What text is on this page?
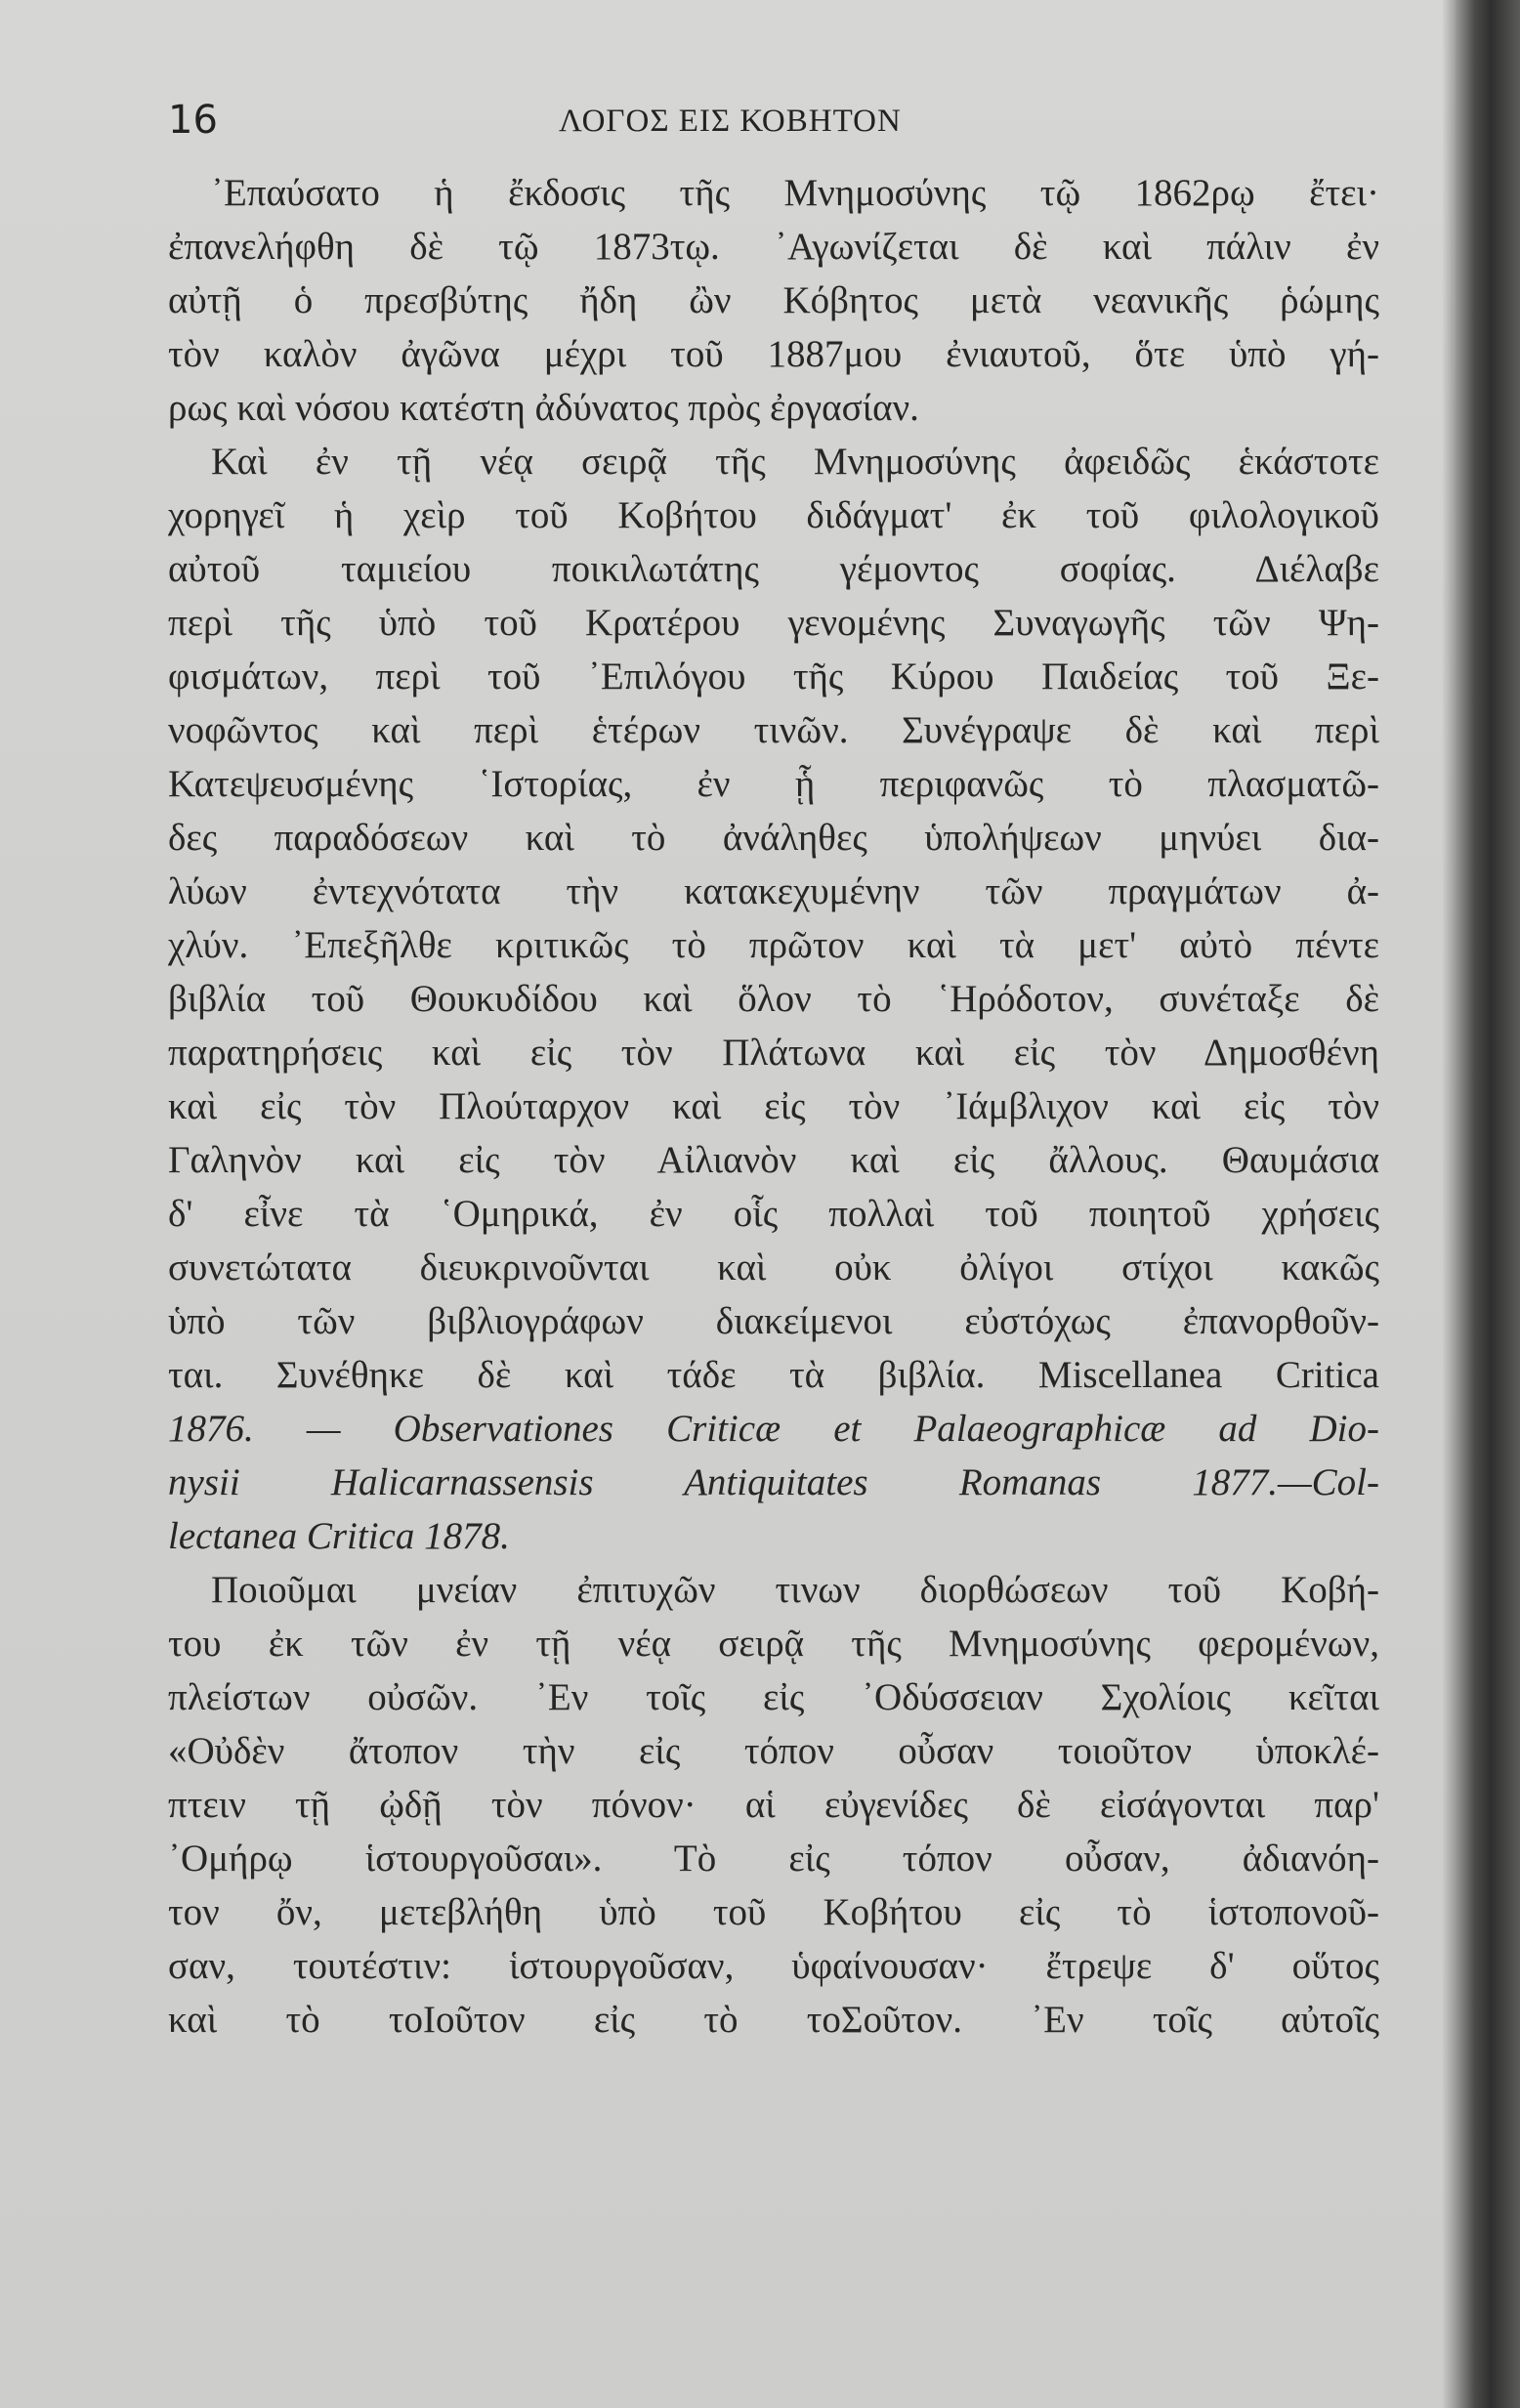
16	ΛΟΓΟΣ ΕΙΣ ΚΟΒΗΤΟΝ
᾿Επαύσατο ἡ ἔκδοσις τῆς Μνημοσύνης τῷ 1862ρῳ ἔτει·
ἐπανελήφθη δὲ τῷ 1873τῳ. ᾿Αγωνίζεται δὲ καὶ πάλιν ἐν
αὐτῇ ὁ πρεσβύτης ἤδη ὢν Κόβητος μετὰ νεανικῆς ῥώμης
τὸν καλὸν ἀγῶνα μέχρι τοῦ 1887μου ἐνιαυτοῦ, ὅτε ὑπὸ γή-
ρως καὶ νόσου κατέστη ἀδύνατος πρὸς ἐργασίαν.
Καὶ ἐν τῇ νέᾳ σειρᾷ τῆς Μνημοσύνης ἀφειδῶς ἑκάστοτε
χορηγεῖ ἡ χεὶρ τοῦ Κοβήτου διδάγματ' ἐκ τοῦ φιλολογικοῦ
αὐτοῦ ταμιείου ποικιλωτάτης γέμοντος σοφίας. Διέλαβε
περὶ τῆς ὑπὸ τοῦ Κρατέρου γενομένης Συναγωγῆς τῶν Ψη-
φισμάτων, περὶ τοῦ ᾿Επιλόγου τῆς Κύρου Παιδείας τοῦ Ξε-
νοφῶντος καὶ περὶ ἑτέρων τινῶν. Συνέγραψε δὲ καὶ περὶ
Κατεψευσμένης ῾Ιστορίας, ἐν ᾗ περιφανῶς τὸ πλασματῶ-
δες παραδόσεων καὶ τὸ ἀνάληθες ὑπολήψεων μηνύει δια-
λύων ἐντεχνότατα τὴν κατακεχυμένην τῶν πραγμάτων ἀ-
χλύν. ᾿Επεξῆλθε κριτικῶς τὸ πρῶτον καὶ τὰ μετ' αὐτὸ πέντε
βιβλία τοῦ Θουκυδίδου καὶ ὅλον τὸ ῾Ηρόδοτον, συνέταξε δὲ
παρατηρήσεις καὶ εἰς τὸν Πλάτωνα καὶ εἰς τὸν Δημοσθένη
καὶ εἰς τὸν Πλούταρχον καὶ εἰς τὸν ᾿Ιάμβλιχον καὶ εἰς τὸν
Γαληνὸν καὶ εἰς τὸν Αἰλιανὸν καὶ εἰς ἄλλους. Θαυμάσια
δ' εἶνε τὰ ῾Ομηρικά, ἐν οἷς πολλαὶ τοῦ ποιητοῦ χρήσεις
συνετώτατα διευκρινοῦνται καὶ οὐκ ὀλίγοι στίχοι κακῶς
ὑπὸ τῶν βιβλιογράφων διακείμενοι εὐστόχως ἐπανορθοῦν-
ται. Συνέθηκε δὲ καὶ τάδε τὰ βιβλία. Miscellanea Critica
1876. — Observationes Criticæ et Palaeographicæ ad Dio-
nysii Halicarnassensis Antiquitates Romanas 1877.—Col-
lectanea Critica 1878.
Ποιοῦμαι μνείαν ἐπιτυχῶν τινων διορθώσεων τοῦ Κοβή-
του ἐκ τῶν ἐν τῇ νέᾳ σειρᾷ τῆς Μνημοσύνης φερομένων,
πλείστων οὐσῶν. ᾿Εν τοῖς εἰς ᾿Οδύσσειαν Σχολίοις κεῖται
«Οὐδὲν ἄτοπον τὴν εἰς τόπον οὖσαν τοιοῦτον ὑποκλέ-
πτειν τῇ ᾠδῇ τὸν πόνον· αἱ εὐγενίδες δὲ εἰσάγονται παρ'
᾿Ομήρῳ ἱστουργοῦσαι». Τὸ εἰς τόπον οὖσαν, ἀδιανόη-
τον ὄν, μετεβλήθη ὑπὸ τοῦ Κοβήτου εἰς τὸ ἱστοπονοῦ-
σαν, τουτέστιν: ἱστουργοῦσαν, ὑφαίνουσαν· ἔτρεψε δ' οὕτος
καὶ τὸ τοΙοῦτον εἰς τὸ τοΣοῦτον. ᾿Εν τοῖς αὐτοῖς
